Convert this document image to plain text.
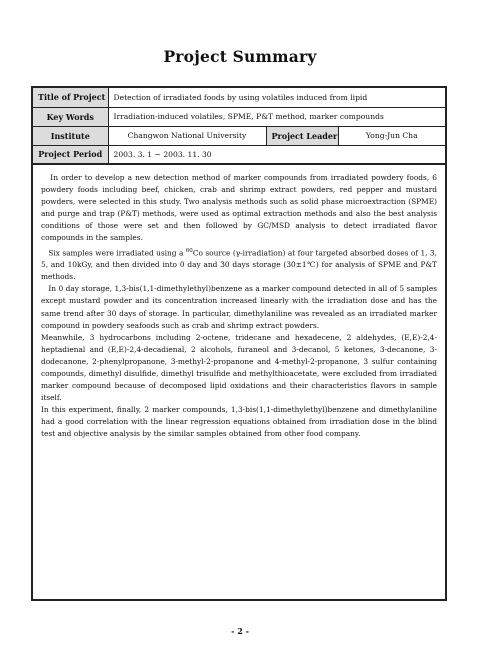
Project Summary
Title of Project	Detection of irradiated foods by using volatiles induced from lipid		
Key Words	Irradiation-induced volatiles, SPME, P&T method, marker compounds		
Institute	Changwon National University	Project Leader	Yong-Jun Cha
Project Period	2003. 3. 1 ~ 2003. 11. 30		

In order to develop a new detection method of marker compounds from irradiated powdery foods, 6 powdery foods including beef, chicken, crab and shrimp extract powders, red pepper and mustard powders, were selected in this study. Two analysis methods such as solid phase microextraction (SPME) and purge and trap (P&T) methods, were used as optimal extraction methods and also the best analysis conditions of those were set and then followed by GC/MSD analysis to detect irradiated flavor compounds in the samples.

Six samples were irradiated using a $^{60}$Co source (γ-irradiation) at four targeted absorbed doses of 1, 3, 5, and 10kGy, and then divided into 0 day and 30 days storage (30±1℃) for analysis of SPME and P&T methods.

In 0 day storage, 1,3-bis(1,1-dimethylethyl)benzene as a marker compound detected in all of 5 samples except mustard powder and its concentration increased linearly with the irradiation dose and has the same trend after 30 days of storage. In particular, dimethylaniline was revealed as an irradiated marker compound in powdery seafoods such as crab and shrimp extract powders.

Meanwhile, 3 hydrocarbons including 2-octene, tridecane and hexadecene, 2 aldehydes, (E,E)-2,4-heptadienal and (E,E)-2,4-decadienal, 2 alcohols, furaneol and 3-decanol, 5 ketones, 3-decanone, 3-dodecanone, 2-phenylpropanone, 3-methyl-2-propanone and 4-methyl-2-propanone, 3 sulfur containing compounds, dimethyl disulfide, dimethyl trisulfide and methylthioacetate, were excluded from irradiated marker compound because of decomposed lipid oxidations and their characteristics flavors in sample itself.

In this experiment, finally, 2 marker compounds, 1,3-bis(1,1-dimethylethyl)benzene and dimethylaniline had a good correlation with the linear regression equations obtained from irradiation dose in the blind test and objective analysis by the similar samples obtained from other food company.

- 2 -
